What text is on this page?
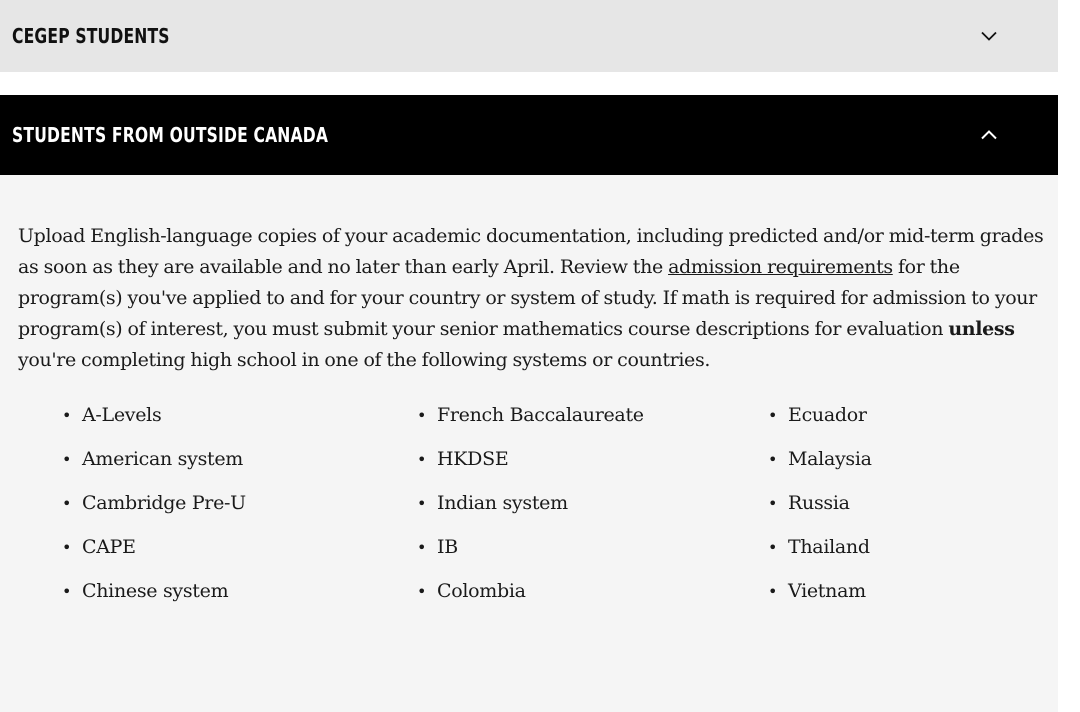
CEGEP STUDENTS
STUDENTS FROM OUTSIDE CANADA

Upload English-language copies of your academic documentation, including predicted and/or mid-term grades as soon as they are available and no later than early April. Review the admission requirements for the program(s) you've applied to and for your country or system of study. If math is required for admission to your program(s) of interest, you must submit your senior mathematics course descriptions for evaluation unless you're completing high school in one of the following systems or countries.

• A-Levels
• American system
• Cambridge Pre-U
• CAPE
• Chinese system
• French Baccalaureate
• HKDSE
• Indian system
• IB
• Colombia
• Ecuador
• Malaysia
• Russia
• Thailand
• Vietnam
